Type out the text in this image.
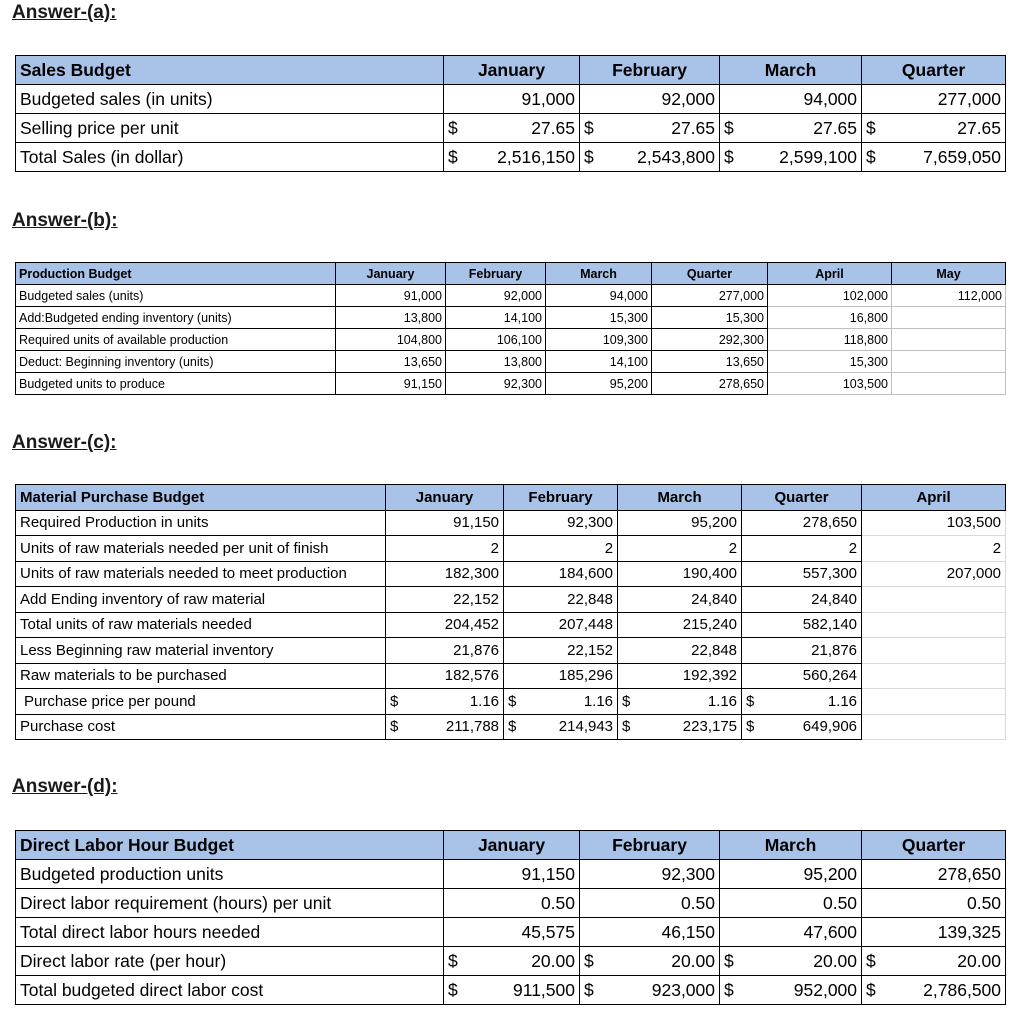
Answer-(a):
Sales Budget	January		February		March		Quarter	
Budgeted sales (in units)	91,000		92,000		94,000		277,000	
Selling price per unit	$	27.65	$	27.65	$	27.65	$	27.65
Total Sales (in dollar)	$	2,516,150	$	2,543,800	$	2,599,100	$	7,659,050
Answer-(b):
Production Budget	January	February	March	Quarter	April	May
Budgeted sales (units)	91,000	92,000	94,000	277,000	102,000	112,000
Add:Budgeted ending inventory (units)	13,800	14,100	15,300	15,300	16,800	
Required units of available production	104,800	106,100	109,300	292,300	118,800	
Deduct: Beginning inventory (units)	13,650	13,800	14,100	13,650	15,300	
Budgeted units to produce	91,150	92,300	95,200	278,650	103,500	
Answer-(c):
Material Purchase Budget	January		February		March		Quarter		April
Required Production in units	91,150		92,300		95,200		278,650		103,500
Units of raw materials needed per unit of finish	2		2		2		2		2
Units of raw materials needed to meet production	182,300		184,600		190,400		557,300		207,000
Add Ending inventory of raw material	22,152		22,848		24,840		24,840		
Total units of raw materials needed	204,452		207,448		215,240		582,140		
Less Beginning raw material inventory	21,876		22,152		22,848		21,876		
Raw materials to be purchased	182,576		185,296		192,392		560,264		
Purchase price per pound	$	1.16	$	1.16	$	1.16	$	1.16	
Purchase cost	$	211,788	$	214,943	$	223,175	$	649,906	
Answer-(d):
Direct Labor Hour Budget	January		February		March		Quarter	
Budgeted production units	91,150		92,300		95,200		278,650	
Direct labor requirement (hours) per unit	0.50		0.50		0.50		0.50	
Total direct labor hours needed	45,575		46,150		47,600		139,325	
Direct labor rate (per hour)	$	20.00	$	20.00	$	20.00	$	20.00
Total budgeted direct labor cost	$	911,500	$	923,000	$	952,000	$	2,786,500
